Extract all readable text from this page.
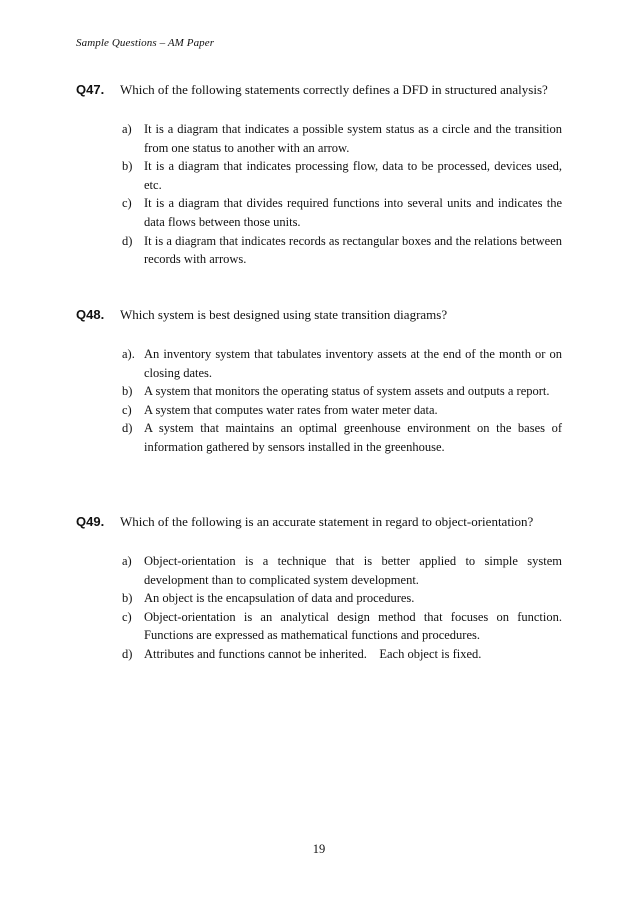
Sample Questions – AM Paper
Q47. Which of the following statements correctly defines a DFD in structured analysis?
a) It is a diagram that indicates a possible system status as a circle and the transition from one status to another with an arrow.
b) It is a diagram that indicates processing flow, data to be processed, devices used, etc.
c) It is a diagram that divides required functions into several units and indicates the data flows between those units.
d) It is a diagram that indicates records as rectangular boxes and the relations between records with arrows.
Q48. Which system is best designed using state transition diagrams?
a). An inventory system that tabulates inventory assets at the end of the month or on closing dates.
b) A system that monitors the operating status of system assets and outputs a report.
c) A system that computes water rates from water meter data.
d) A system that maintains an optimal greenhouse environment on the bases of information gathered by sensors installed in the greenhouse.
Q49. Which of the following is an accurate statement in regard to object-orientation?
a) Object-orientation is a technique that is better applied to simple system development than to complicated system development.
b) An object is the encapsulation of data and procedures.
c) Object-orientation is an analytical design method that focuses on function. Functions are expressed as mathematical functions and procedures.
d) Attributes and functions cannot be inherited.    Each object is fixed.
19
